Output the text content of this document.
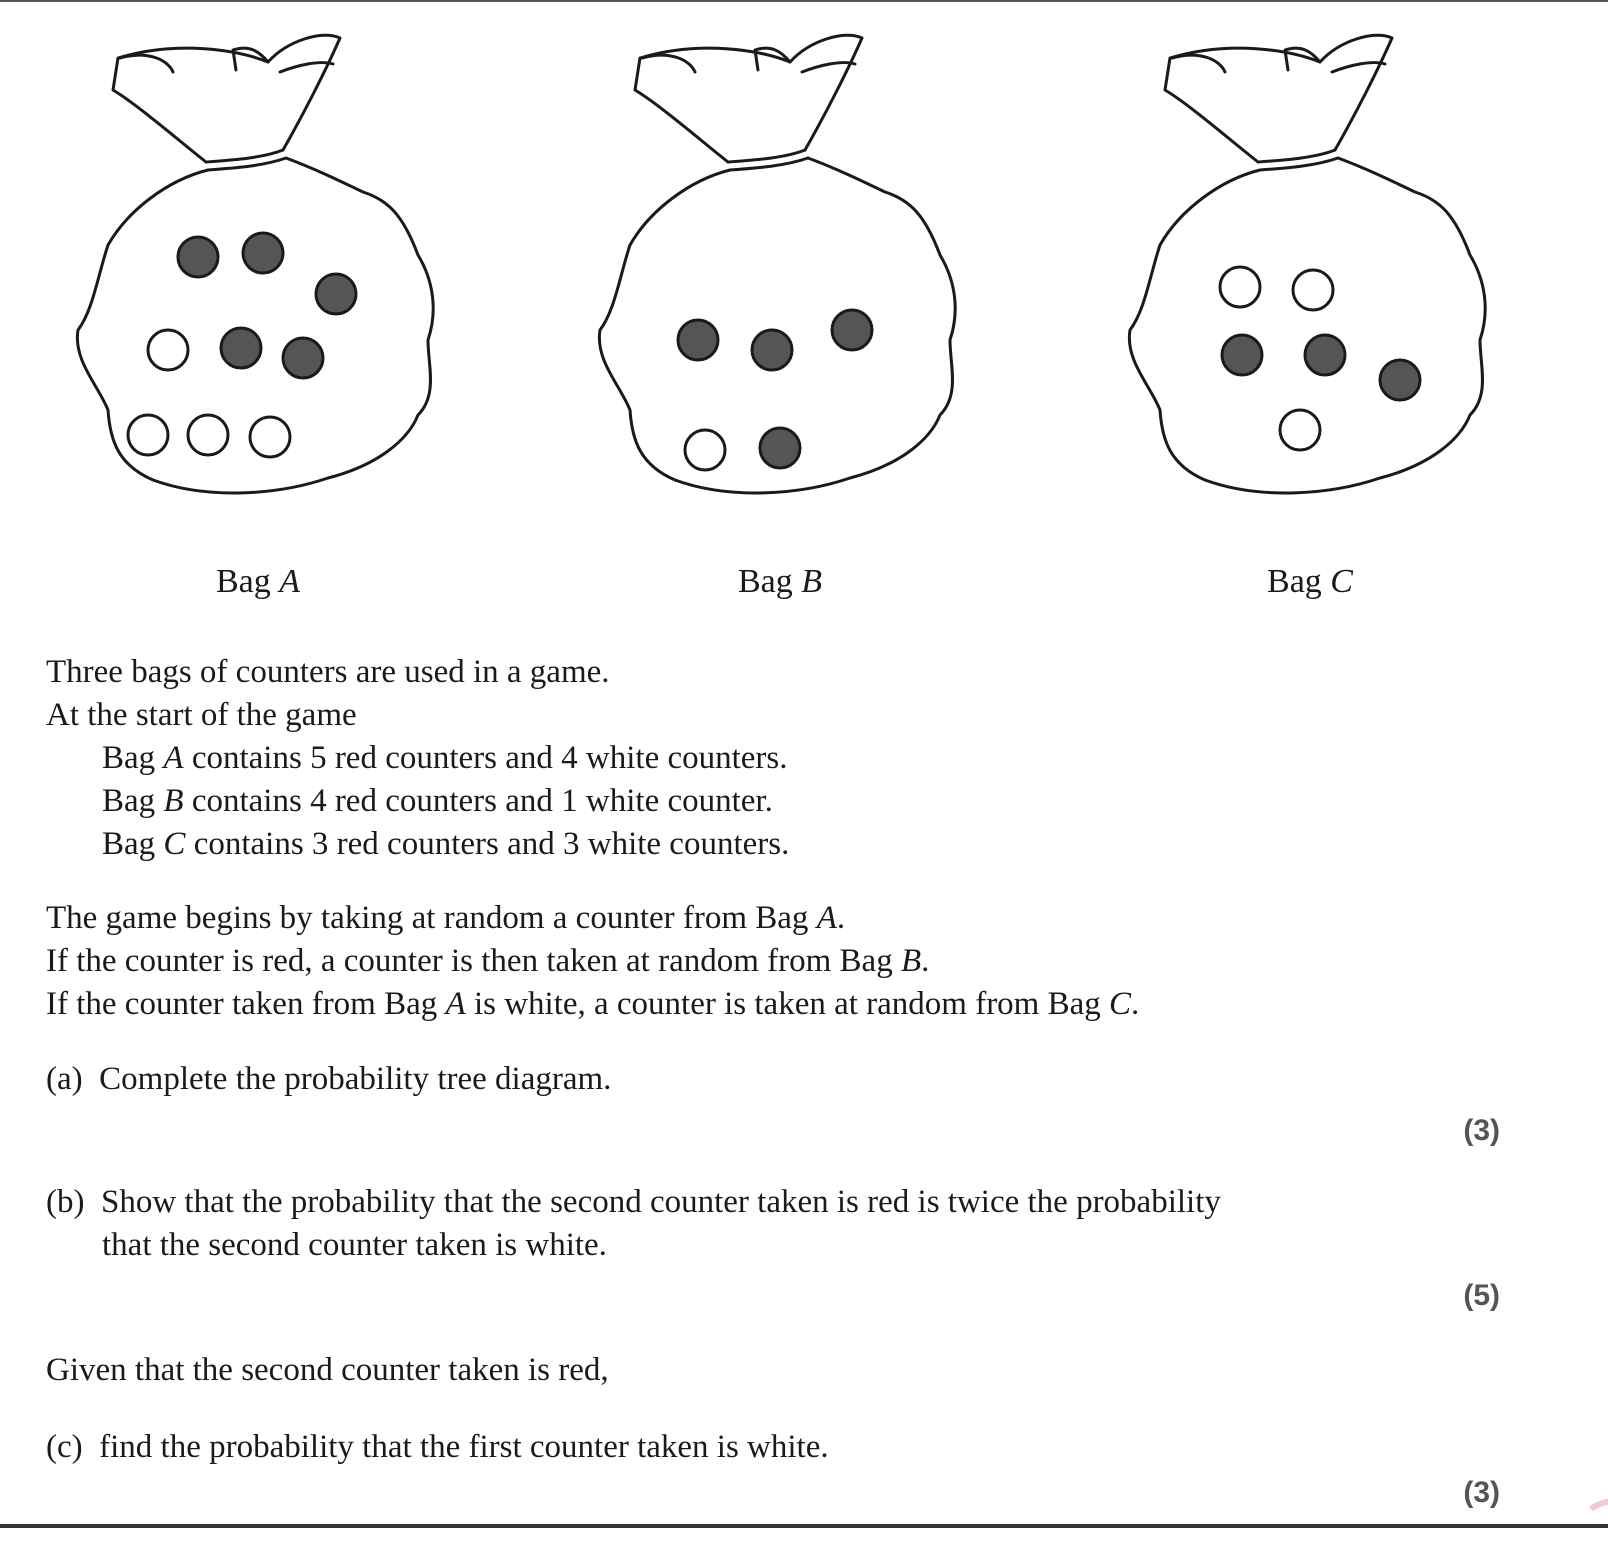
Bag A	Bag B	Bag C
Three bags of counters are used in a game.
At the start of the game
Bag A contains 5 red counters and 4 white counters.
Bag B contains 4 red counters and 1 white counter.
Bag C contains 3 red counters and 3 white counters.
The game begins by taking at random a counter from Bag A.
If the counter is red, a counter is then taken at random from Bag B.
If the counter taken from Bag A is white, a counter is taken at random from Bag C.
(a) Complete the probability tree diagram.
(3)
(b) Show that the probability that the second counter taken is red is twice the probability
that the second counter taken is white.
(5)
Given that the second counter taken is red,
(c) find the probability that the first counter taken is white.
(3)
